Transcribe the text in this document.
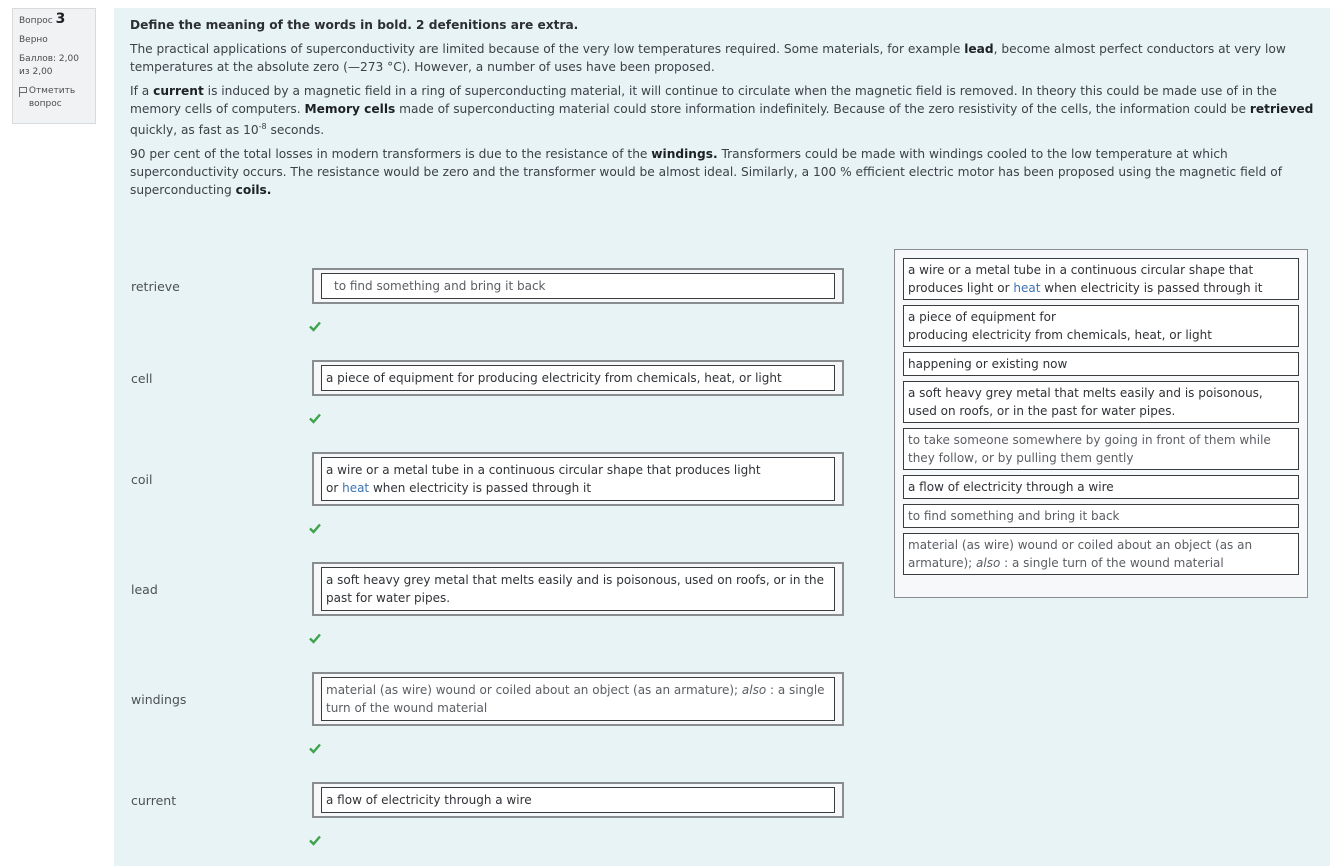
Вопрос 3
Верно
Баллов: 2,00 из 2,00
Отметить вопрос

Define the meaning of the words in bold. 2 defenitions are extra.

The practical applications of superconductivity are limited because of the very low temperatures required. Some materials, for example lead, become almost perfect conductors at very low temperatures at the absolute zero (—273 °C). However, a number of uses have been proposed.

If a current is induced by a magnetic field in a ring of superconducting material, it will continue to circulate when the magnetic field is removed. In theory this could be made use of in the memory cells of computers. Memory cells made of superconducting material could store information indefinitely. Because of the zero resistivity of the cells, the information could be retrieved quickly, as fast as $10^{-8}$ seconds.

90 per cent of the total losses in modern transformers is due to the resistance of the windings. Transformers could be made with windings cooled to the low temperature at which superconductivity occurs. The resistance would be zero and the transformer would be almost ideal. Similarly, a 100 % efficient electric motor has been proposed using the magnetic field of superconducting coils.

retrieve	to find something and bring it back
cell	a piece of equipment for producing electricity from chemicals, heat, or light
coil
a wire or a metal tube in a continuous circular shape that produces light
or heat when electricity is passed through it
lead
a soft heavy grey metal that melts easily and is poisonous, used on roofs, or in the past for water pipes.
windings
material (as wire) wound or coiled about an object (as an armature); also : a single turn of the wound material
current	a flow of electricity through a wire
a wire or a metal tube in a continuous circular shape that produces light or heat when electricity is passed through it
a piece of equipment for
producing electricity from chemicals, heat, or light
happening or existing now
a soft heavy grey metal that melts easily and is poisonous, used on roofs, or in the past for water pipes.
to take someone somewhere by going in front of them while they follow, or by pulling them gently
a flow of electricity through a wire
to find something and bring it back
material (as wire) wound or coiled about an object (as an armature); also : a single turn of the wound material
